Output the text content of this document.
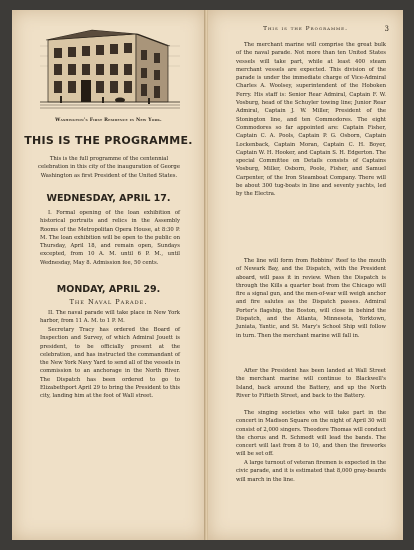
Washington's First Residence in New York.
THIS IS THE PROGRAMME.

This is the full programme of the centennial celebration in this city of the inauguration of George Washington as first President of the United States.

WEDNESDAY, APRIL 17.

I. Formal opening of the loan exhibition of historical portraits and relics in the Assembly Rooms of the Metropolitan Opera House, at 8:30 P. M. The loan exhibition will be open to the public on Thursday, April 18, and remain open, Sundays excepted, from 10 A. M. until 6 P. M., until Wednesday, May 8. Admission fee, 50 cents.

MONDAY, APRIL 29.
The Naval Parade.

II. The naval parade will take place in New York harbor, from 11 A. M. to 1 P. M.

Secretary Tracy has ordered the Board of Inspection and Survey, of which Admiral Jouett is president, to be officially present at the celebration, and has instructed the commandant of the New York Navy Yard to send all of the vessels in commission to an anchorage in the North River. The Dispatch has been ordered to go to Elizabethport April 29 to bring the President to this city, landing him at the foot of Wall street.

This is the Programme.	3

The merchant marine will comprise the great bulk of the naval parade. Not more than ten United States vessels will take part, while at least 400 steam merchant vessels are expected. This division of the parade is under the immediate charge of Vice-Admiral Charles A. Woolsey, superintendent of the Hoboken Ferry. His staff is: Senior Rear Admiral, Captain F. W. Vosburg, head of the Schuyler towing line; Junior Rear Admiral, Captain J. W. Miller, President of the Stonington line, and ten Commodores. The eight Commodores so far appointed are: Captain Fisher, Captain C. A. Pools, Captain P. G. Osborn, Captain Lockenback, Captain Moran, Captain C. H. Boyer, Captain W. H. Hooker, and Captain S. H. Edgerton. The special Committee on Details consists of Captains Vosburg, Miller, Osborn, Poole, Fisher, and Samuel Carpenter, of the Iron Steamboat Company. There will be about 300 tug-boats in line and seventy yachts, led by the Electra.

The line will form from Robbins' Reef to the mouth of Newark Bay, and the Dispatch, with the President aboard, will pass it in review. When the Dispatch is through the Kills a quarter boat from the Chicago will fire a signal gun, and the men-of-war will weigh anchor and fire salutes as the Dispatch passes. Admiral Porter's flagship, the Boston, will close in behind the Dispatch, and the Atlanta, Minnesota, Yorktown, Juniata, Yantic, and St. Mary's School Ship will follow in turn. Then the merchant marine will fall in.

After the President has been landed at Wall Street the merchant marine will continue to Blackwell's Island, back around the Battery, and up the North River to Fiftieth Street, and back to the Battery.

The singing societies who will take part in the concert in Madison Square on the night of April 30 will consist of 2,000 singers. Theodore Thomas will conduct the chorus and R. Schmedt will lead the bands. The concert will last from 8 to 10, and then the fireworks will be set off.

A large turnout of veteran firemen is expected in the civic parade, and it is estimated that 8,000 gray-beards will march in the line.
